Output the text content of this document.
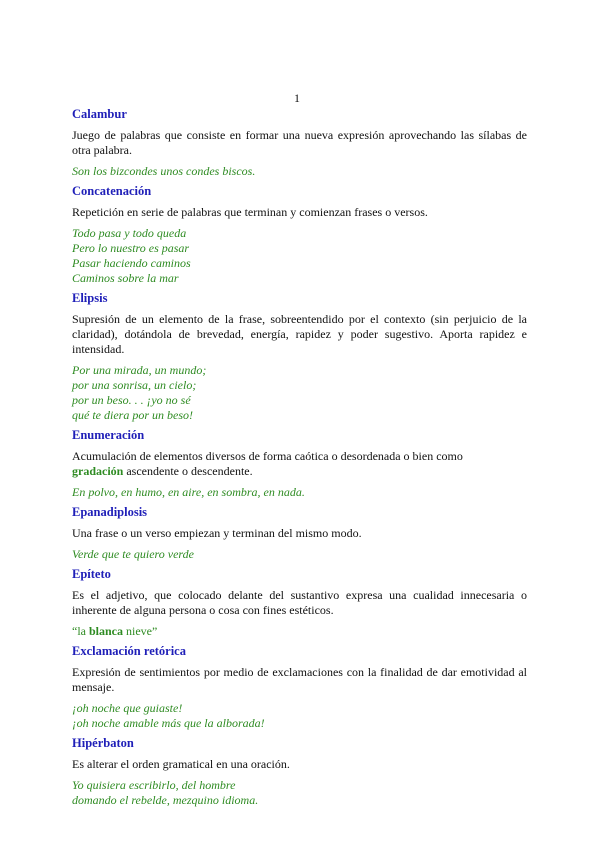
1

Calambur

Juego de palabras que consiste en formar una nueva expresión aprovechando las sílabas de otra palabra.

Son los bizcondes unos condes biscos.

Concatenación

Repetición en serie de palabras que terminan y comienzan frases o versos.

Todo pasa y todo queda
Pero lo nuestro es pasar
Pasar haciendo caminos
Caminos sobre la mar

Elipsis

Supresión de un elemento de la frase, sobreentendido por el contexto (sin perjuicio de la claridad), dotándola de brevedad, energía, rapidez y poder sugestivo. Aporta rapidez e intensidad.

Por una mirada, un mundo;
por una sonrisa, un cielo;
por un beso. . . ¡yo no sé
qué te diera por un beso!

Enumeración

Acumulación de elementos diversos de forma caótica o desordenada o bien como
gradación ascendente o descendente.

En polvo, en humo, en aire, en sombra, en nada.

Epanadiplosis

Una frase o un verso empiezan y terminan del mismo modo.

Verde que te quiero verde

Epíteto

Es el adjetivo, que colocado delante del sustantivo expresa una cualidad innecesaria o inherente de alguna persona o cosa con fines estéticos.

“la blanca nieve”

Exclamación retórica

Expresión de sentimientos por medio de exclamaciones con la finalidad de dar emotividad al mensaje.

¡oh noche que guiaste!
¡oh noche amable más que la alborada!

Hipérbaton

Es alterar el orden gramatical en una oración.

Yo quisiera escribirlo, del hombre
domando el rebelde, mezquino idioma.
